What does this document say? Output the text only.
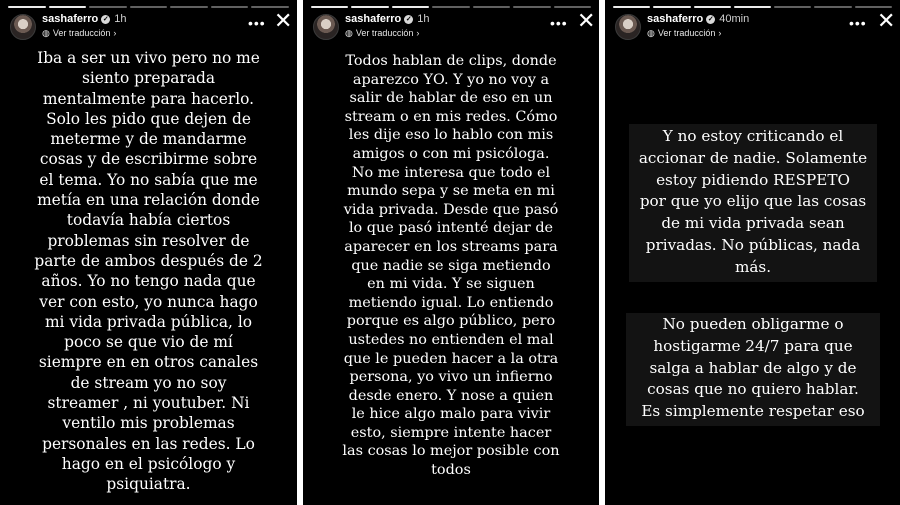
sashaferro ✓ 1h
◍ Ver traducción ›
••• ✕
Iba a ser un vivo pero no me
siento preparada
mentalmente para hacerlo.
Solo les pido que dejen de
meterme y de mandarme
cosas y de escribirme sobre
el tema. Yo no sabía que me
metía en una relación donde
todavía había ciertos
problemas sin resolver de
parte de ambos después de 2
años. Yo no tengo nada que
ver con esto, yo nunca hago
mi vida privada pública, lo
poco se que vio de mí
siempre en en otros canales
de stream yo no soy
streamer , ni youtuber. Ni
ventilo mis problemas
personales en las redes. Lo
hago en el psicólogo y
psiquiatra.
sashaferro ✓ 1h
◍ Ver traducción ›
••• ✕
Todos hablan de clips, donde
aparezco YO. Y yo no voy a
salir de hablar de eso en un
stream o en mis redes. Cómo
les dije eso lo hablo con mis
amigos o con mi psicóloga.
No me interesa que todo el
mundo sepa y se meta en mi
vida privada. Desde que pasó
lo que pasó intenté dejar de
aparecer en los streams para
que nadie se siga metiendo
en mi vida. Y se siguen
metiendo igual. Lo entiendo
porque es algo público, pero
ustedes no entienden el mal
que le pueden hacer a la otra
persona, yo vivo un infierno
desde enero. Y nose a quien
le hice algo malo para vivir
esto, siempre intente hacer
las cosas lo mejor posible con
todos
sashaferro ✓ 40min
◍ Ver traducción ›
••• ✕
Y no estoy criticando el
accionar de nadie. Solamente
estoy pidiendo RESPETO
por que yo elijo que las cosas
de mi vida privada sean
privadas. No públicas, nada
más.
No pueden obligarme o
hostigarme 24/7 para que
salga a hablar de algo y de
cosas que no quiero hablar.
Es simplemente respetar eso
